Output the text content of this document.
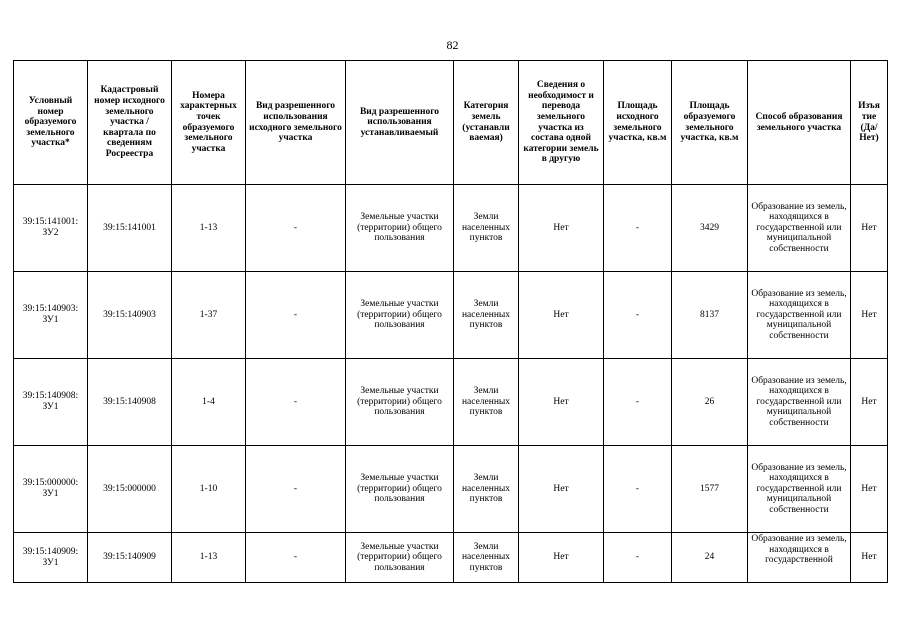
82
Условный номер образуемого земельного участка*	Кадастровый номер исходного земельного участка / квартала по сведениям Росреестра	Номера характерных точек образуемого земельного участка	Вид разрешенного использования исходного земельного участка	Вид разрешенного использования устанавливаемый	Категория земель (устанавли ваемая)	Сведения о необходимост и перевода земельного участка из состава одной категории земель в другую	Площадь исходного земельного участка, кв.м	Площадь образуемого земельного участка, кв.м	Способ образования земельного участка	Изъя тие (Да/ Нет)
39:15:141001: ЗУ2	39:15:141001	1-13	-	Земельные участки (территории) общего пользования	Земли населенных пунктов	Нет	-	3429	Образование из земель, находящихся в государственной или муниципальной собственности	Нет
39:15:140903: ЗУ1	39:15:140903	1-37	-	Земельные участки (территории) общего пользования	Земли населенных пунктов	Нет	-	8137	Образование из земель, находящихся в государственной или муниципальной собственности	Нет
39:15:140908: ЗУ1	39:15:140908	1-4	-	Земельные участки (территории) общего пользования	Земли населенных пунктов	Нет	-	26	Образование из земель, находящихся в государственной или муниципальной собственности	Нет
39:15:000000: ЗУ1	39:15:000000	1-10	-	Земельные участки (территории) общего пользования	Земли населенных пунктов	Нет	-	1577	Образование из земель, находящихся в государственной или муниципальной собственности	Нет
39:15:140909: ЗУ1	39:15:140909	1-13	-	Земельные участки (территории) общего пользования	Земли населенных пунктов	Нет	-	24	Образование из земель, находящихся в государственной	Нет
